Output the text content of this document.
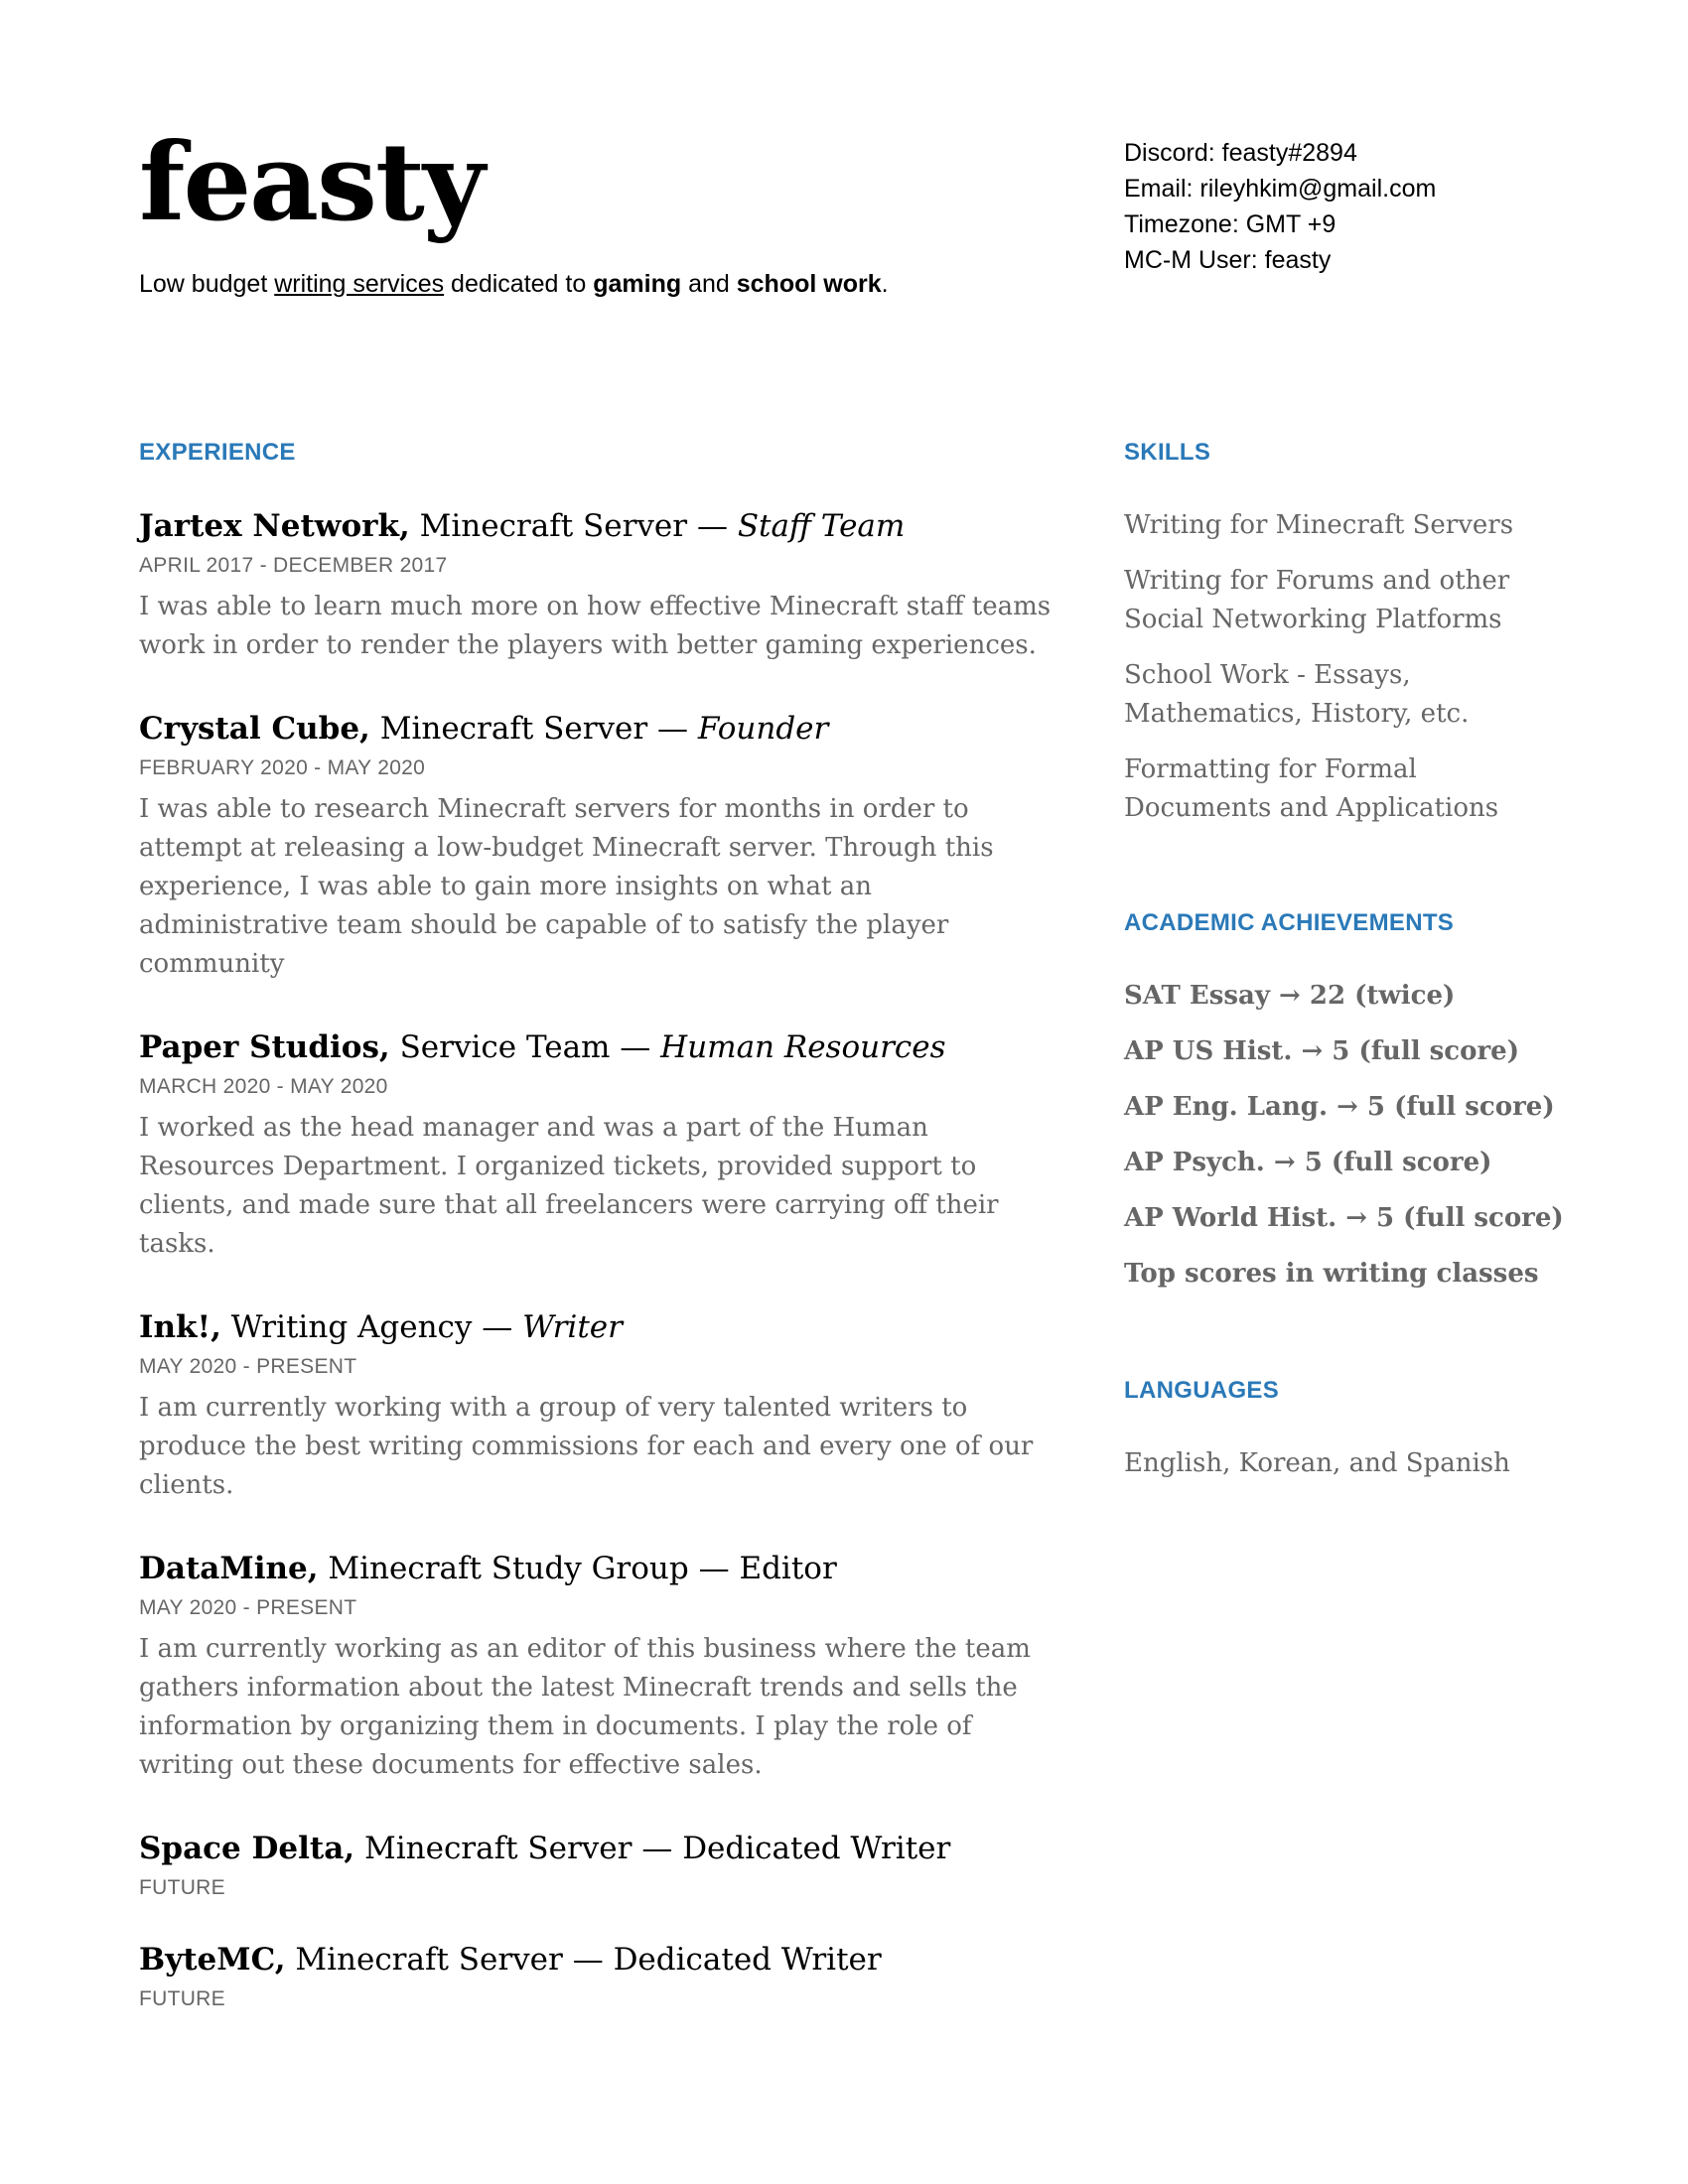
feasty
Low budget writing services dedicated to gaming and school work.
Discord: feasty#2894
Email: rileyhkim@gmail.com
Timezone: GMT +9
MC-M User: feasty
EXPERIENCE
Jartex Network, Minecraft Server — Staff Team
APRIL 2017 - DECEMBER 2017
I was able to learn much more on how effective Minecraft staff teams work in order to render the players with better gaming experiences.
Crystal Cube, Minecraft Server — Founder
FEBRUARY 2020 - MAY 2020
I was able to research Minecraft servers for months in order to attempt at releasing a low-budget Minecraft server. Through this experience, I was able to gain more insights on what an administrative team should be capable of to satisfy the player community
Paper Studios, Service Team — Human Resources
MARCH 2020 - MAY 2020
I worked as the head manager and was a part of the Human Resources Department. I organized tickets, provided support to clients, and made sure that all freelancers were carrying off their tasks.
Ink!, Writing Agency — Writer
MAY 2020 - PRESENT
I am currently working with a group of very talented writers to produce the best writing commissions for each and every one of our clients.
DataMine, Minecraft Study Group — Editor
MAY 2020 - PRESENT
I am currently working as an editor of this business where the team gathers information about the latest Minecraft trends and sells the information by organizing them in documents. I play the role of writing out these documents for effective sales.
Space Delta, Minecraft Server — Dedicated Writer
FUTURE
ByteMC, Minecraft Server — Dedicated Writer
FUTURE
SKILLS
Writing for Minecraft Servers
Writing for Forums and other Social Networking Platforms
School Work - Essays, Mathematics, History, etc.
Formatting for Formal Documents and Applications
ACADEMIC ACHIEVEMENTS
SAT Essay → 22 (twice)
AP US Hist. → 5 (full score)
AP Eng. Lang. → 5 (full score)
AP Psych. → 5 (full score)
AP World Hist. → 5 (full score)
Top scores in writing classes
LANGUAGES
English, Korean, and Spanish
